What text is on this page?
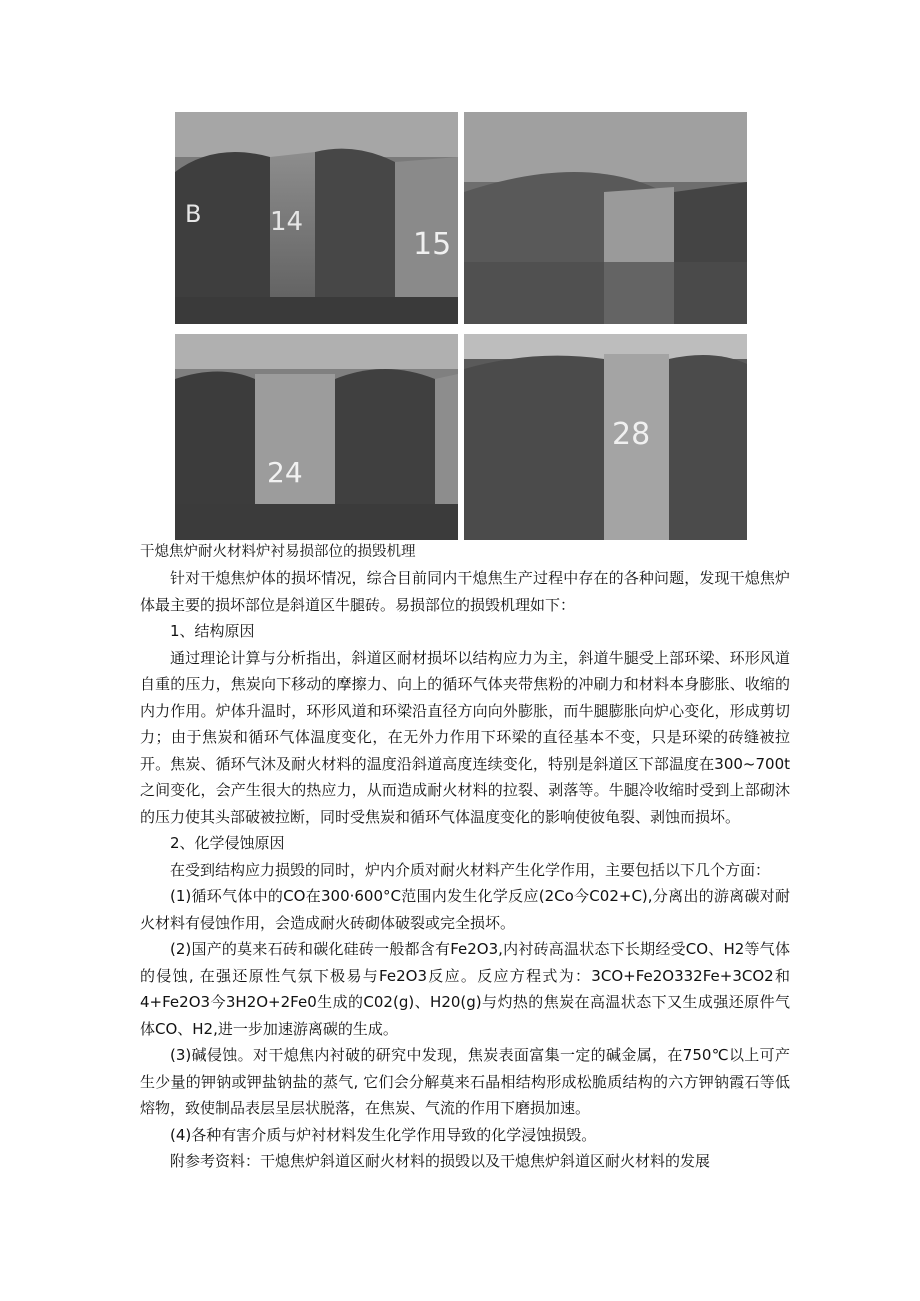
B	14
15
24
28
干熄焦炉耐火材料炉衬易损部位的损毁机理

针对干熄焦炉体的损坏情况，综合目前同内干熄焦生产过程中存在的各种问题，发现干熄焦炉体最主要的损坏部位是斜道区牛腿砖。易损部位的损毁机理如下：

1、结构原因

通过理论计算与分析指出，斜道区耐材损坏以结构应力为主，斜道牛腿受上部环梁、环形风道自重的压力，焦炭向下移动的摩擦力、向上的循环气体夹带焦粉的冲刷力和材料本身膨胀、收缩的内力作用。炉体升温时，环形风道和环梁沿直径方向向外膨胀，而牛腿膨胀向炉心变化，形成剪切力；由于焦炭和循环气体温度变化，在无外力作用下环梁的直径基本不变，只是环梁的砖缝被拉开。焦炭、循环气沐及耐火材料的温度沿斜道高度连续变化，特别是斜道区下部温度在300~700t之间变化，会产生很大的热应力，从而造成耐火材料的拉裂、剥落等。牛腿冷收缩时受到上部砌沐的压力使其头部破被拉断，同时受焦炭和循环气体温度变化的影响使彼龟裂、剥蚀而损坏。

2、化学侵蚀原因

在受到结构应力损毁的同时，炉内介质对耐火材料产生化学作用，主要包括以下几个方面：

(1)循环气体中的CO在300·600°C范围内发生化学反应(2Co今C02+C),分离出的游离碳对耐火材料有侵蚀作用，会造成耐火砖砌体破裂或完全损坏。

(2)国产的莫来石砖和碳化硅砖一般都含有Fe2O3,内衬砖高温状态下长期经受CO、H2等气体的侵蚀, 在强还原性气氛下极易与Fe2O3反应。反应方程式为：3CO+Fe2O332Fe+3CO2和4+Fe2O3今3H2O+2Fe0生成的C02(g)、H20(g)与灼热的焦炭在高温状态下又生成强还原件气体CO、H2,进一步加速游离碳的生成。

(3)碱侵蚀。对干熄焦内衬破的研究中发现，焦炭表面富集一定的碱金属，在750℃以上可产生少量的钾钠或钾盐钠盐的蒸气, 它们会分解莫来石晶相结构形成松脆质结构的六方钾钠霞石等低熔物，致使制品表层呈层状脱落，在焦炭、气流的作用下磨损加速。

(4)各种有害介质与炉衬材料发生化学作用导致的化学浸蚀损毁。

附参考资料：干熄焦炉斜道区耐火材料的损毁以及干熄焦炉斜道区耐火材料的发展
